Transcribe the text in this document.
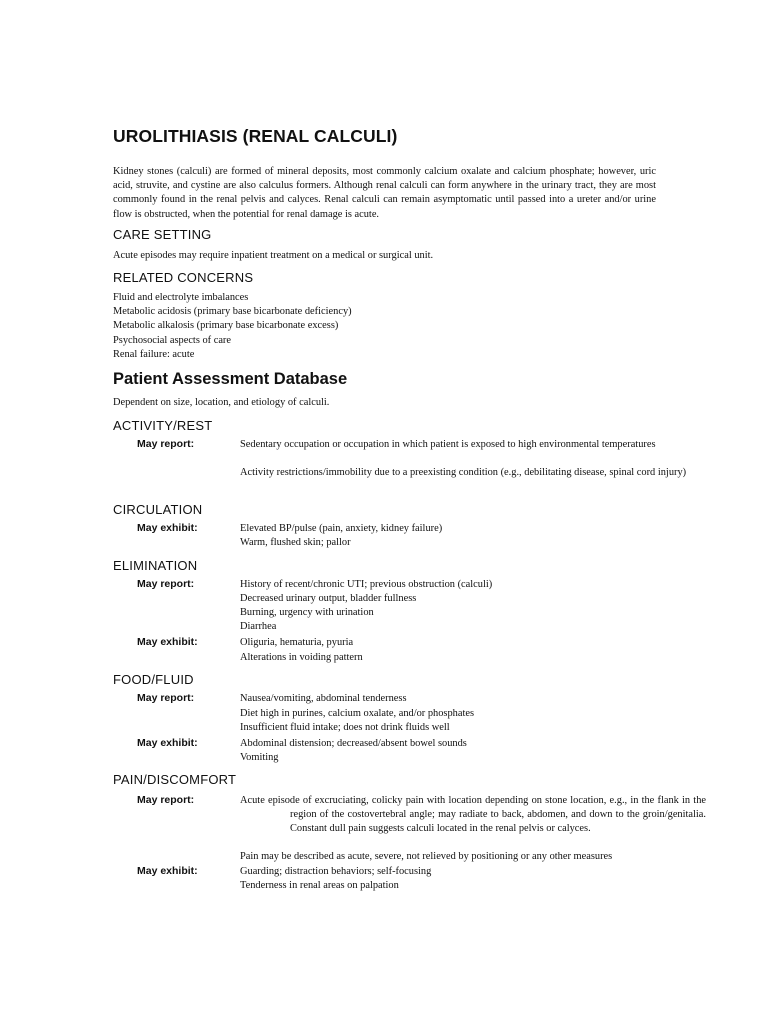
UROLITHIASIS (RENAL CALCULI)
Kidney stones (calculi) are formed of mineral deposits, most commonly calcium oxalate and calcium phosphate; however, uric acid, struvite, and cystine are also calculus formers. Although renal calculi can form anywhere in the urinary tract, they are most commonly found in the renal pelvis and calyces. Renal calculi can remain asymptomatic until passed into a ureter and/or urine flow is obstructed, when the potential for renal damage is acute.
CARE SETTING
Acute episodes may require inpatient treatment on a medical or surgical unit.
RELATED CONCERNS
Fluid and electrolyte imbalances
Metabolic acidosis (primary base bicarbonate deficiency)
Metabolic alkalosis (primary base bicarbonate excess)
Psychosocial aspects of care
Renal failure: acute
Patient Assessment Database
Dependent on size, location, and etiology of calculi.
ACTIVITY/REST
May report:	Sedentary occupation or occupation in which patient is exposed to high environmental temperatures
Activity restrictions/immobility due to a preexisting condition (e.g., debilitating disease, spinal cord injury)
CIRCULATION
May exhibit:	Elevated BP/pulse (pain, anxiety, kidney failure)
Warm, flushed skin; pallor
ELIMINATION
May report:	History of recent/chronic UTI; previous obstruction (calculi)
Decreased urinary output, bladder fullness
Burning, urgency with urination
Diarrhea
May exhibit:	Oliguria, hematuria, pyuria
Alterations in voiding pattern
FOOD/FLUID
May report:	Nausea/vomiting, abdominal tenderness
Diet high in purines, calcium oxalate, and/or phosphates
Insufficient fluid intake; does not drink fluids well
May exhibit:	Abdominal distension; decreased/absent bowel sounds
Vomiting
PAIN/DISCOMFORT
May report:	Acute episode of excruciating, colicky pain with location depending on stone location, e.g., in the flank in the region of the costovertebral angle; may radiate to back, abdomen, and down to the groin/genitalia. Constant dull pain suggests calculi located in the renal pelvis or calyces.
Pain may be described as acute, severe, not relieved by positioning or any other measures
May exhibit:	Guarding; distraction behaviors; self-focusing
Tenderness in renal areas on palpation
